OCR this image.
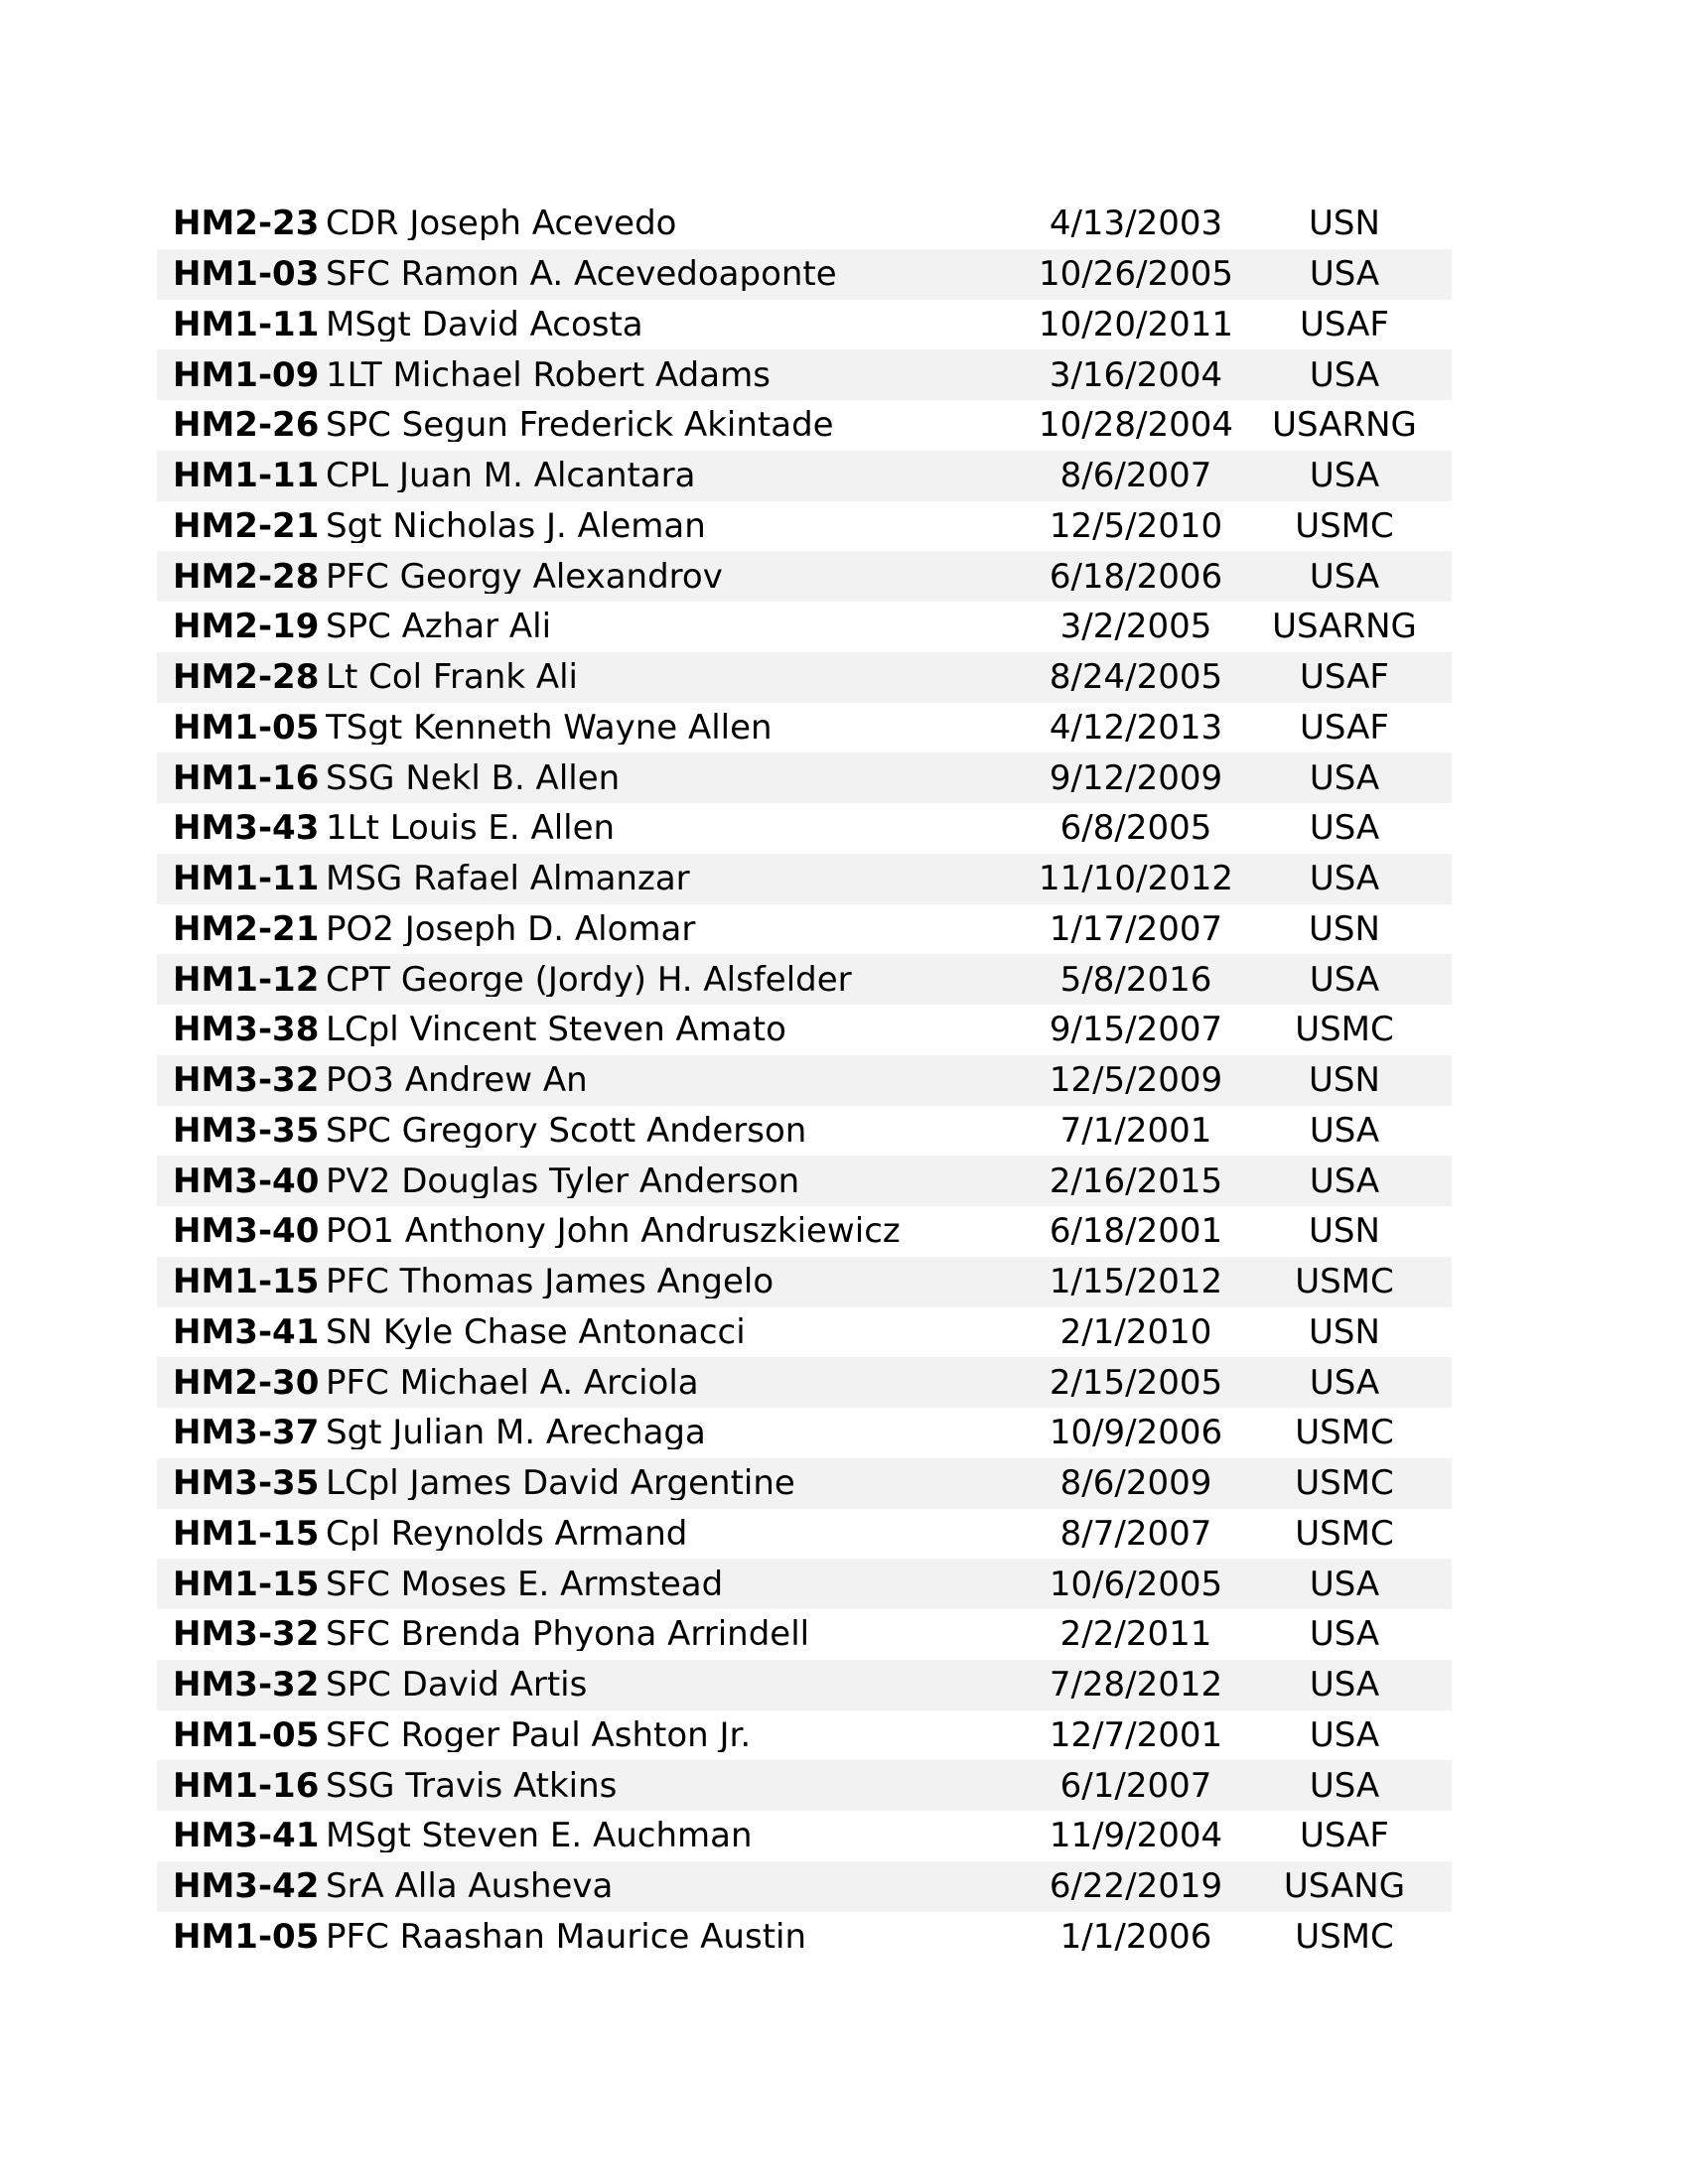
HM2-23 CDR Joseph Acevedo	4/13/2003	USN
HM1-03 SFC Ramon A. Acevedoaponte	10/26/2005	USA
HM1-11 MSgt David Acosta	10/20/2011	USAF
HM1-09 1LT Michael Robert Adams	3/16/2004	USA
HM2-26 SPC Segun Frederick Akintade	10/28/2004	USARNG
HM1-11 CPL Juan M. Alcantara	8/6/2007	USA
HM2-21 Sgt Nicholas J. Aleman	12/5/2010	USMC
HM2-28 PFC Georgy Alexandrov	6/18/2006	USA
HM2-19 SPC Azhar Ali	3/2/2005	USARNG
HM2-28 Lt Col Frank Ali	8/24/2005	USAF
HM1-05 TSgt Kenneth Wayne Allen	4/12/2013	USAF
HM1-16 SSG Nekl B. Allen	9/12/2009	USA
HM3-43 1Lt Louis E. Allen	6/8/2005	USA
HM1-11 MSG Rafael Almanzar	11/10/2012	USA
HM2-21 PO2 Joseph D. Alomar	1/17/2007	USN
HM1-12 CPT George (Jordy) H. Alsfelder	5/8/2016	USA
HM3-38 LCpl Vincent Steven Amato	9/15/2007	USMC
HM3-32 PO3 Andrew An	12/5/2009	USN
HM3-35 SPC Gregory Scott Anderson	7/1/2001	USA
HM3-40 PV2 Douglas Tyler Anderson	2/16/2015	USA
HM3-40 PO1 Anthony John Andruszkiewicz	6/18/2001	USN
HM1-15 PFC Thomas James Angelo	1/15/2012	USMC
HM3-41 SN Kyle Chase Antonacci	2/1/2010	USN
HM2-30 PFC Michael A. Arciola	2/15/2005	USA
HM3-37 Sgt Julian M. Arechaga	10/9/2006	USMC
HM3-35 LCpl James David Argentine	8/6/2009	USMC
HM1-15 Cpl Reynolds Armand	8/7/2007	USMC
HM1-15 SFC Moses E. Armstead	10/6/2005	USA
HM3-32 SFC Brenda Phyona Arrindell	2/2/2011	USA
HM3-32 SPC David Artis	7/28/2012	USA
HM1-05 SFC Roger Paul Ashton Jr.	12/7/2001	USA
HM1-16 SSG Travis Atkins	6/1/2007	USA
HM3-41 MSgt Steven E. Auchman	11/9/2004	USAF
HM3-42 SrA Alla Ausheva	6/22/2019	USANG
HM1-05 PFC Raashan Maurice Austin	1/1/2006	USMC
